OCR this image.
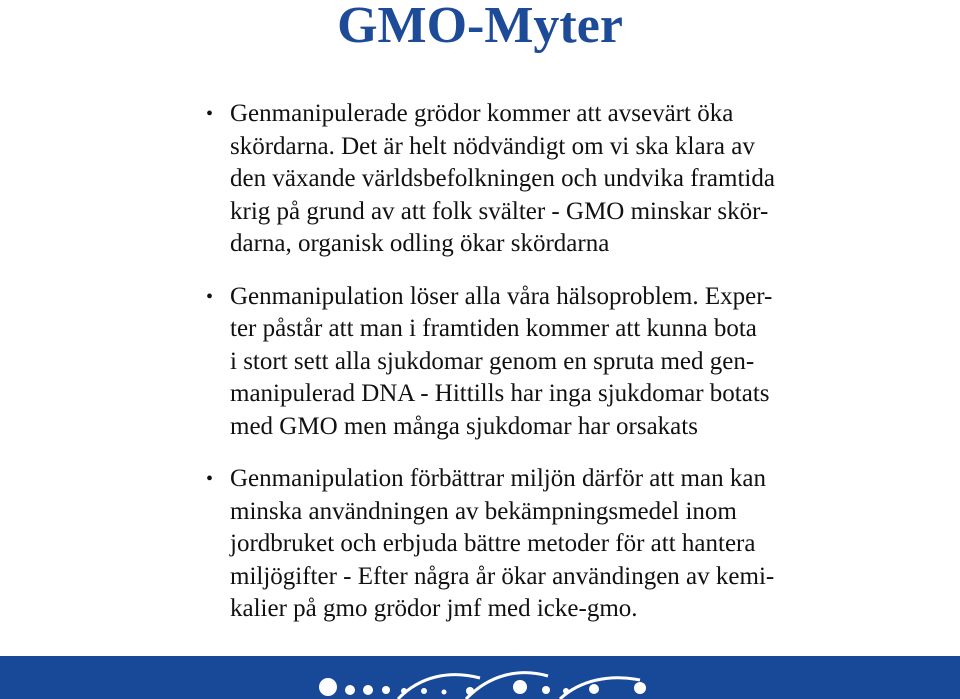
GMO-Myter
• Genmanipulerade grödor kommer att avsevärt öka
skördarna. Det är helt nödvändigt om vi ska klara av
den växande världsbefolkningen och undvika framtida
krig på grund av att folk svälter - GMO minskar skör-
darna, organisk odling ökar skördarna
• Genmanipulation löser alla våra hälsoproblem. Exper-
ter påstår att man i framtiden kommer att kunna bota
i stort sett alla sjukdomar genom en spruta med gen-
manipulerad DNA - Hittills har inga sjukdomar botats
med GMO men många sjukdomar har orsakats
• Genmanipulation förbättrar miljön därför att man kan
minska användningen av bekämpningsmedel inom
jordbruket och erbjuda bättre metoder för att hantera
miljögifter - Efter några år ökar användingen av kemi-
kalier på gmo grödor jmf med icke-gmo.
